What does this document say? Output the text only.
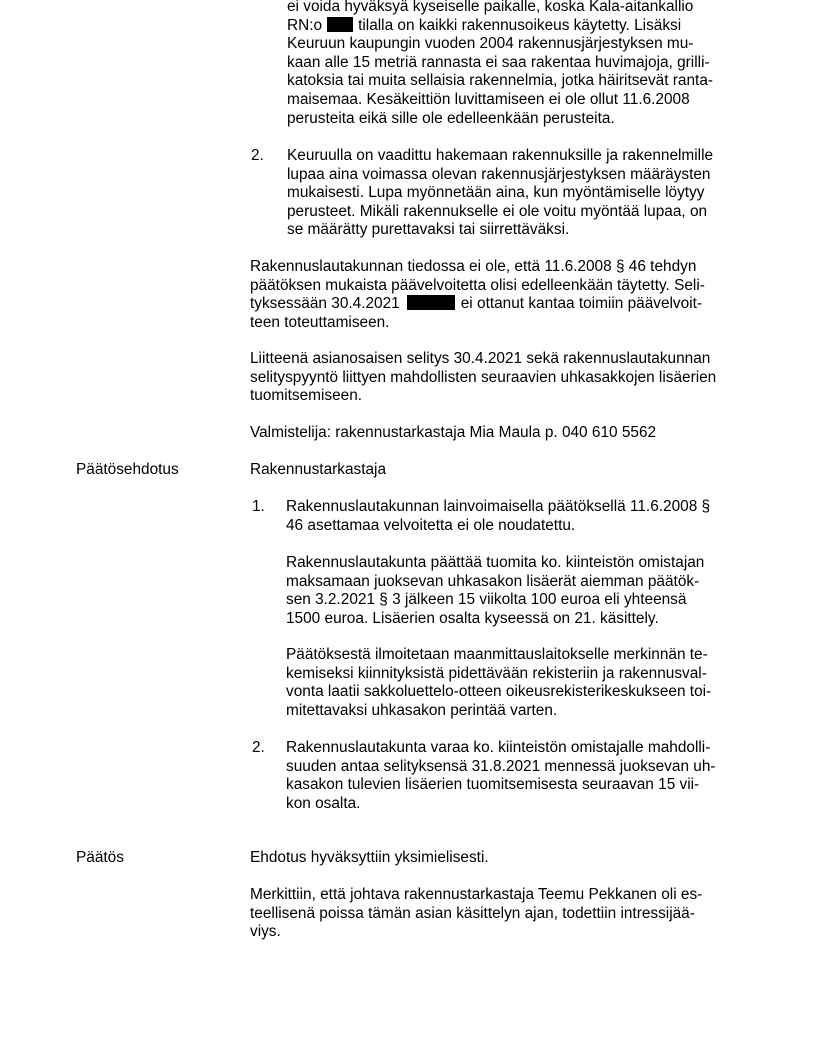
ei voida hyväksyä kyseiselle paikalle, koska Kala-aitankallio
RN:o tilalla on kaikki rakennusoikeus käytetty. Lisäksi
Keuruun kaupungin vuoden 2004 rakennusjärjestyksen mu-
kaan alle 15 metriä rannasta ei saa rakentaa huvimajoja, grilli-
katoksia tai muita sellaisia rakennelmia, jotka häiritsevät ranta-
maisemaa. Kesäkeittiön luvittamiseen ei ole ollut 11.6.2008
perusteita eikä sille ole edelleenkään perusteita.
2. Keuruulla on vaadittu hakemaan rakennuksille ja rakennelmille
lupaa aina voimassa olevan rakennusjärjestyksen määräysten
mukaisesti. Lupa myönnetään aina, kun myöntämiselle löytyy
perusteet. Mikäli rakennukselle ei ole voitu myöntää lupaa, on
se määrätty purettavaksi tai siirrettäväksi.
Rakennuslautakunnan tiedossa ei ole, että 11.6.2008 § 46 tehdyn
päätöksen mukaista päävelvoitetta olisi edelleenkään täytetty. Seli-
tyksessään 30.4.2021	ei ottanut kantaa toimiin päävelvoit-
teen toteuttamiseen.
Liitteenä asianosaisen selitys 30.4.2021 sekä rakennuslautakunnan
selityspyyntö liittyen mahdollisten seuraavien uhkasakkojen lisäerien
tuomitsemiseen.
Valmistelija: rakennustarkastaja Mia Maula p. 040 610 5562
Päätösehdotus	Rakennustarkastaja
1. Rakennuslautakunnan lainvoimaisella päätöksellä 11.6.2008 §
46 asettamaa velvoitetta ei ole noudatettu.
Rakennuslautakunta päättää tuomita ko. kiinteistön omistajan
maksamaan juoksevan uhkasakon lisäerät aiemman päätök-
sen 3.2.2021 § 3 jälkeen 15 viikolta 100 euroa eli yhteensä
1500 euroa. Lisäerien osalta kyseessä on 21. käsittely.
Päätöksestä ilmoitetaan maanmittauslaitokselle merkinnän te-
kemiseksi kiinnityksistä pidettävään rekisteriin ja rakennusval-
vonta laatii sakkoluettelo-otteen oikeusrekisterikeskukseen toi-
mitettavaksi uhkasakon perintää varten.
2. Rakennuslautakunta varaa ko. kiinteistön omistajalle mahdolli-
suuden antaa selityksensä 31.8.2021 mennessä juoksevan uh-
kasakon tulevien lisäerien tuomitsemisesta seuraavan 15 vii-
kon osalta.
Päätös	Ehdotus hyväksyttiin yksimielisesti.
Merkittiin, että johtava rakennustarkastaja Teemu Pekkanen oli es-
teellisenä poissa tämän asian käsittelyn ajan, todettiin intressijää-
viys.
